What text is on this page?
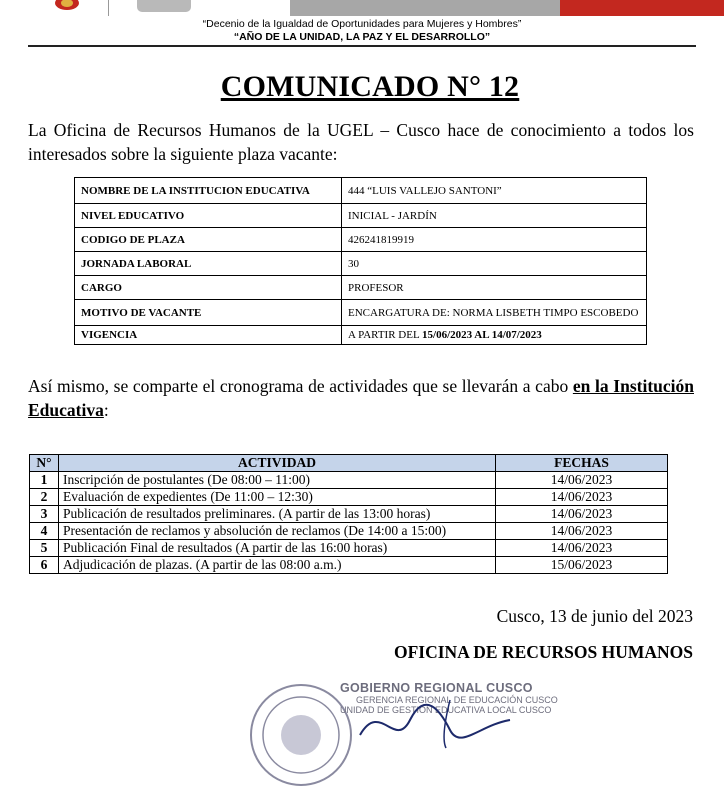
“Decenio de la Igualdad de Oportunidades para Mujeres y Hombres”
“AÑO DE LA UNIDAD, LA PAZ Y EL DESARROLLO”
COMUNICADO N° 12
La Oficina de Recursos Humanos de la UGEL – Cusco hace de conocimiento a todos los interesados sobre la siguiente plaza vacante:
NOMBRE DE LA INSTITUCION EDUCATIVA	444 “LUIS VALLEJO SANTONI”
NIVEL EDUCATIVO	INICIAL - JARDÍN
CODIGO DE PLAZA	426241819919
JORNADA LABORAL	30
CARGO	PROFESOR
MOTIVO DE VACANTE	ENCARGATURA DE: NORMA LISBETH TIMPO ESCOBEDO
VIGENCIA	A PARTIR DEL 15/06/2023 AL 14/07/2023
Así mismo, se comparte el cronograma de actividades que se llevarán a cabo en la Institución Educativa:
N°	ACTIVIDAD	FECHAS
1	Inscripción de postulantes (De 08:00 – 11:00)	14/06/2023
2	Evaluación de expedientes (De 11:00 – 12:30)	14/06/2023
3	Publicación de resultados preliminares. (A partir de las 13:00 horas)	14/06/2023
4	Presentación de reclamos y absolución de reclamos (De 14:00 a 15:00)	14/06/2023
5	Publicación Final de resultados (A partir de las 16:00 horas)	14/06/2023
6	Adjudicación de plazas. (A partir de las 08:00 a.m.)	15/06/2023
Cusco, 13 de junio del 2023
OFICINA DE RECURSOS HUMANOS
GOBIERNO REGIONAL CUSCO
GERENCIA REGIONAL DE EDUCACIÓN CUSCO
UNIDAD DE GESTIÓN EDUCATIVA LOCAL CUSCO
